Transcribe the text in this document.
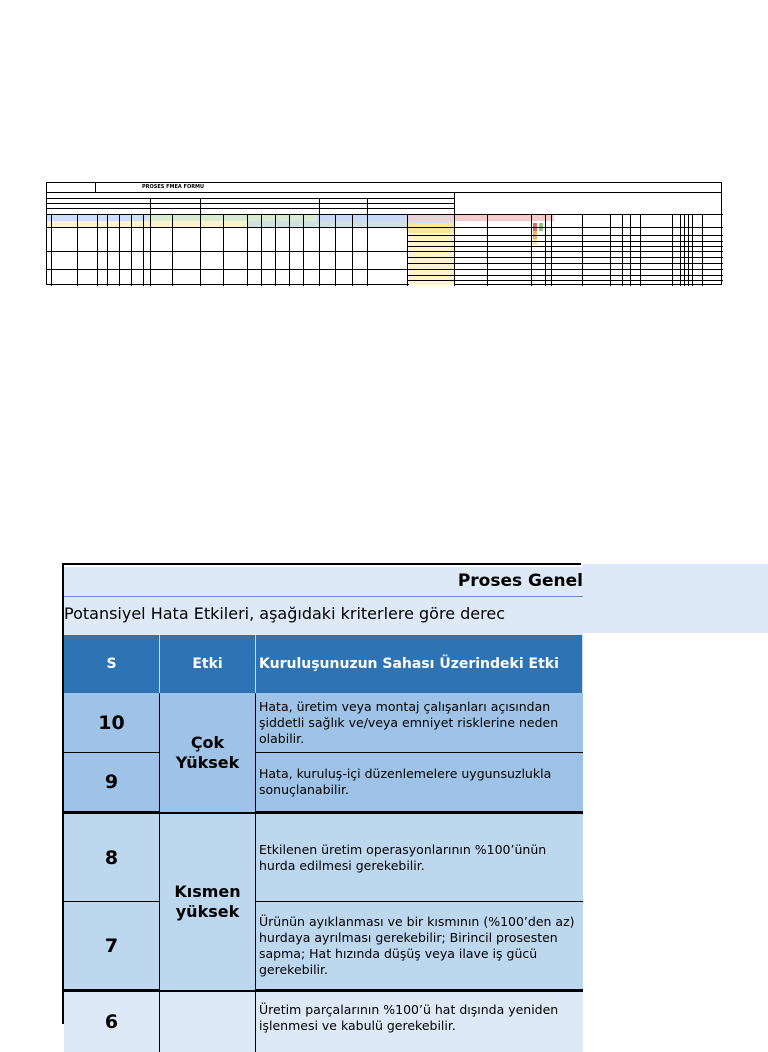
PROSES FMEA FORMU
Proses Genel
Potansiyel Hata Etkileri, aşağıdaki kriterlere göre derec
S	Etki	Kuruluşunuzun Sahası Üzerindeki Etki
10
9
Çok Yüksek
Hata, üretim veya montaj çalışanları açısından şiddetli sağlık ve/veya emniyet risklerine neden olabilir.
Hata, kuruluş-içi düzenlemelere uygunsuzlukla sonuçlanabilir.
8
7
Kısmen yüksek
Etkilenen üretim operasyonlarının %100’ünün hurda edilmesi gerekebilir.
Ürünün ayıklanması ve bir kısmının (%100’den az) hurdaya ayrılması gerekebilir; Birincil prosesten sapma; Hat hızında düşüş veya ilave iş gücü gerekebilir.
6
Üretim parçalarının %100’ü hat dışında yeniden işlenmesi ve kabulü gerekebilir.
